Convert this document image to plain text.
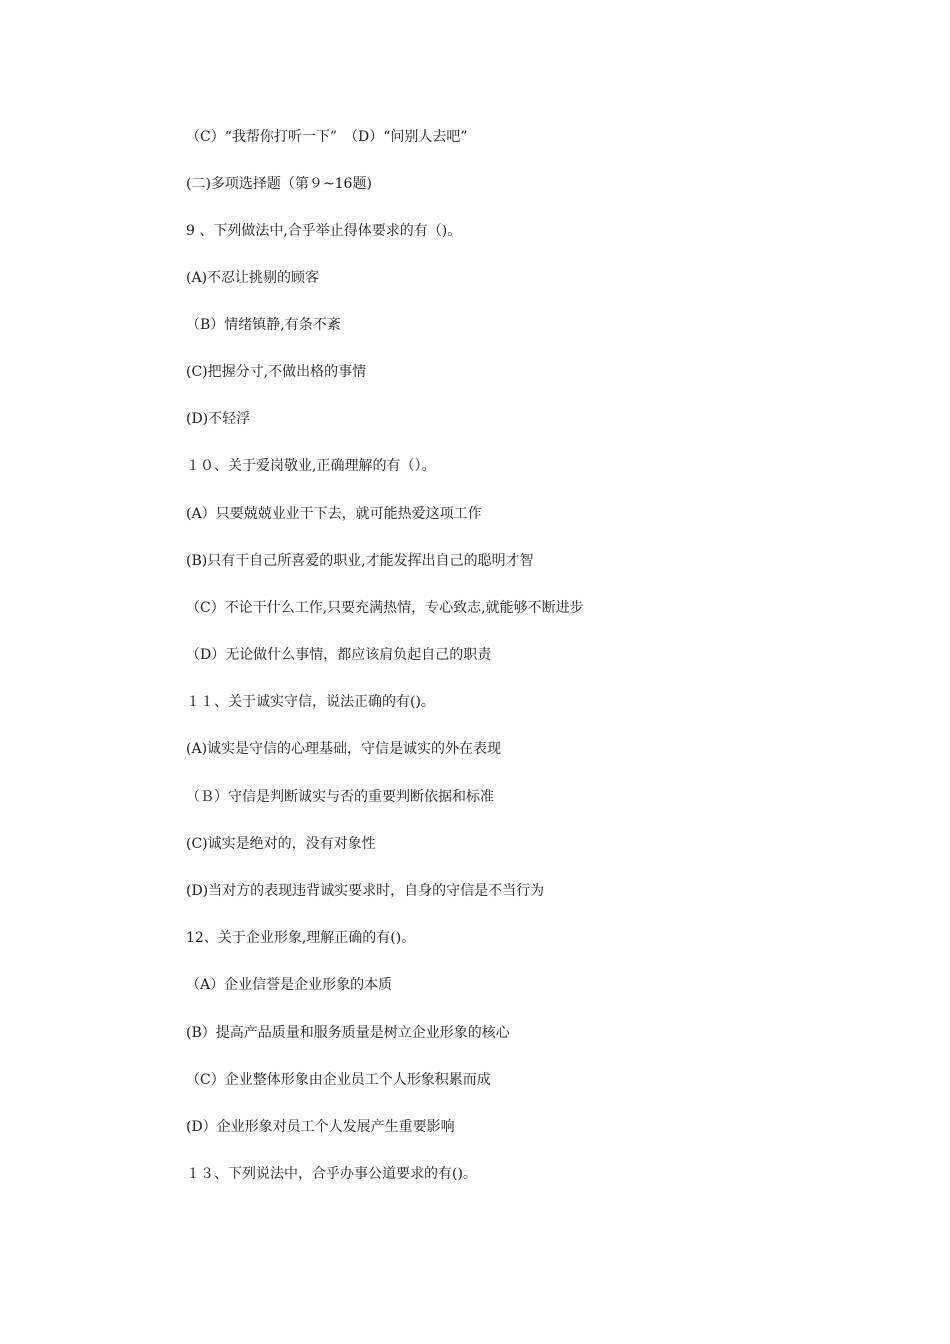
（C）“我帮你打听一下”　（D）“问别人去吧”
(二)多项选择题（第９~16题)
9 、下列做法中,合乎举止得体要求的有（)。
(A)不忍让挑剔的顾客
（B）情绪镇静,有条不紊
(C)把握分寸,不做出格的事情
(D)不轻浮
１０、关于爱岗敬业,正确理解的有（）。
(A）只要兢兢业业干下去，就可能热爱这项工作
(B)只有干自己所喜爱的职业,才能发挥出自己的聪明才智
（C）不论干什么工作,只要充满热情，专心致志,就能够不断进步
（D）无论做什么事情，都应该肩负起自己的职责
１１、关于诚实守信，说法正确的有()。
(A)诚实是守信的心理基础，守信是诚实的外在表现
（Ｂ）守信是判断诚实与否的重要判断依据和标准
(C)诚实是绝对的，没有对象性
(D)当对方的表现违背诚实要求时，自身的守信是不当行为
12、关于企业形象,理解正确的有()。
（A）企业信誉是企业形象的本质
(B）提高产品质量和服务质量是树立企业形象的核心
（C）企业整体形象由企业员工个人形象积累而成
(D）企业形象对员工个人发展产生重要影响
１３、下列说法中，合乎办事公道要求的有()。
